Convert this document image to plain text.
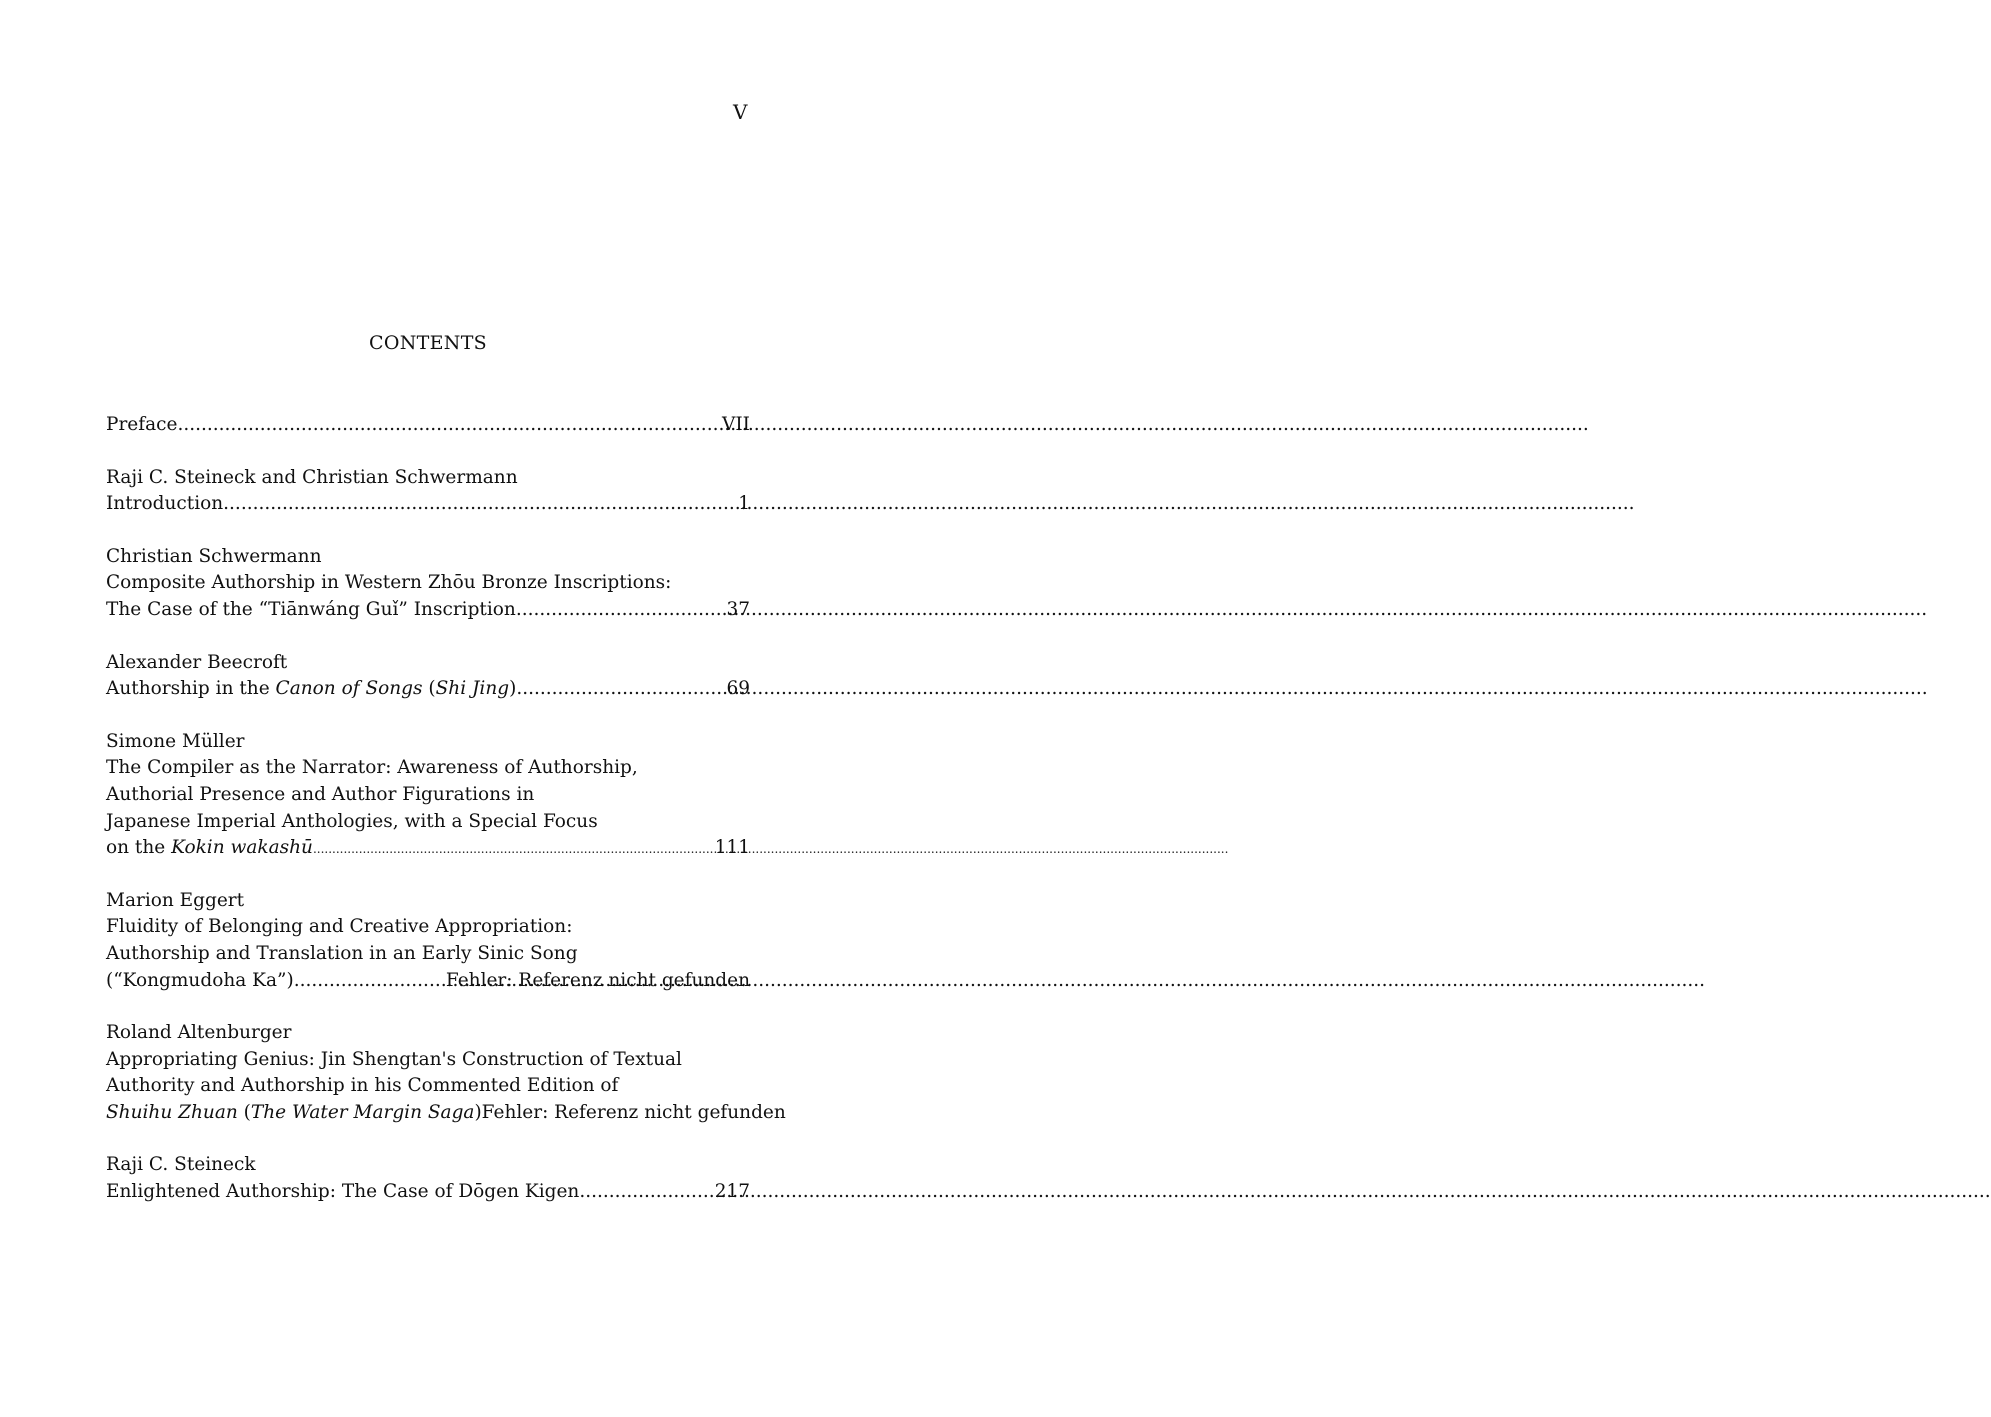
V
CONTENTS
Preface .....	VII
Raji C. Steineck and Christian Schwermann
Introduction .....	1
Christian Schwermann
Composite Authorship in Western Zhōu Bronze Inscriptions:
The Case of the “Tiānwáng Guǐ” Inscription .....	37
Alexander Beecroft
Authorship in the Canon of Songs (Shi Jing) .....	69
Simone Müller
The Compiler as the Narrator: Awareness of Authorship,
Authorial Presence and Author Figurations in
Japanese Imperial Anthologies, with a Special Focus
on the Kokin wakashū .....	111
Marion Eggert
Fluidity of Belonging and Creative Appropriation:
Authorship and Translation in an Early Sinic Song
(“Kongmudoha Ka”) .....	Fehler: Referenz nicht gefunden
Roland Altenburger
Appropriating Genius: Jin Shengtan's Construction of Textual
Authority and Authorship in his Commented Edition of
Shuihu Zhuan (The Water Margin Saga) Fehler: Referenz nicht gefunden
Raji C. Steineck
Enlightened Authorship: The Case of Dōgen Kigen .....	217
